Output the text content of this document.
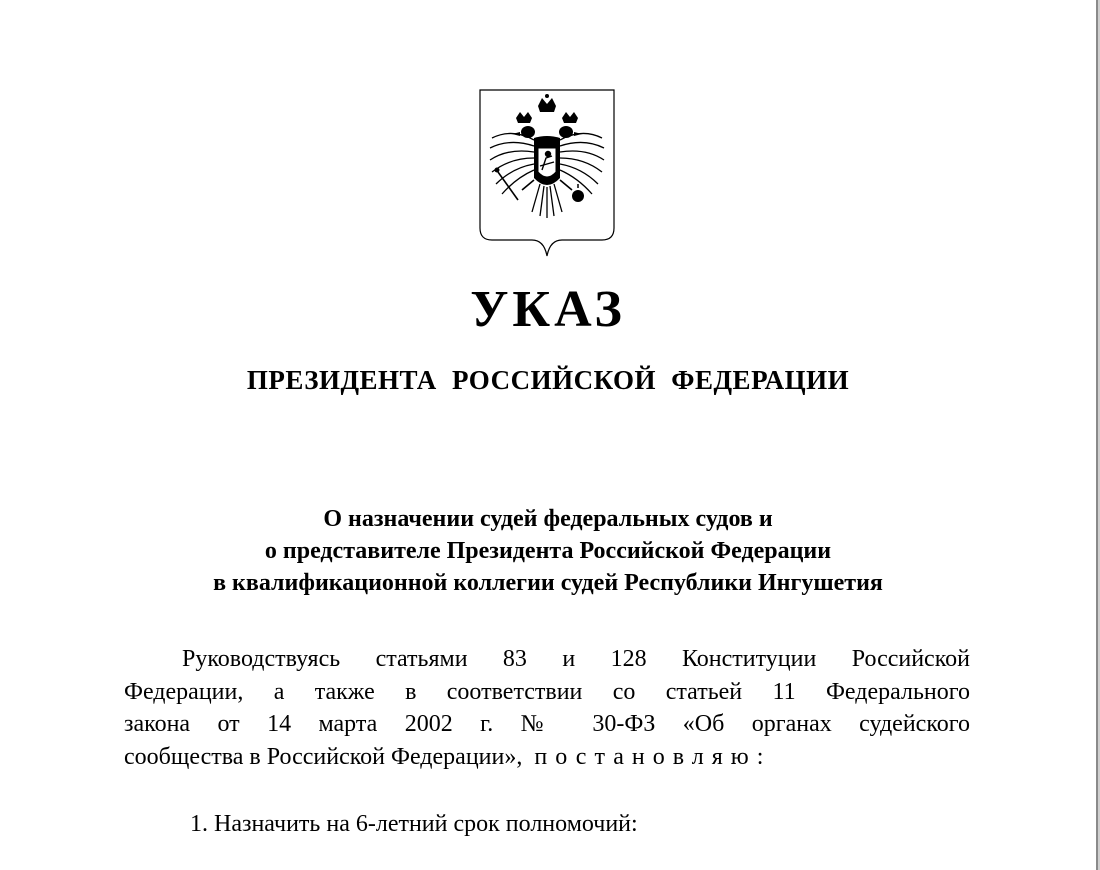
УКАЗ
ПРЕЗИДЕНТА РОССИЙСКОЙ ФЕДЕРАЦИИ
О назначении судей федеральных судов и
о представителе Президента Российской Федерации
в квалификационной коллегии судей Республики Ингушетия

Руководствуясь статьями 83 и 128 Конституции Российской
Федерации, а также в соответствии со статьей 11 Федерального
закона от 14 марта 2002 г. № 30-ФЗ «Об органах судейского
сообщества в Российской Федерации», постановляю:

1. Назначить на 6-летний срок полномочий:
